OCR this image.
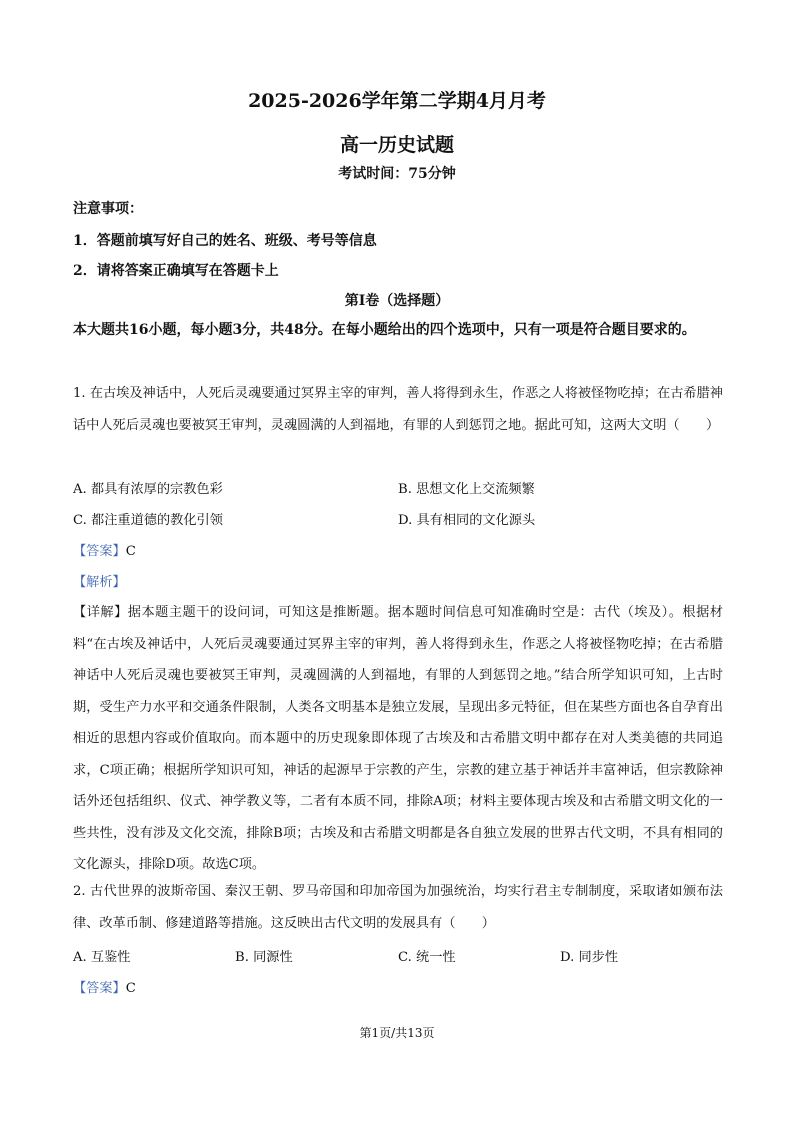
2025-2026学年第二学期4月月考
高一历史试题
考试时间：75分钟
注意事项：
1．答题前填写好自己的姓名、班级、考号等信息
2．请将答案正确填写在答题卡上
第I卷（选择题）
本大题共16小题，每小题3分，共48分。在每小题给出的四个选项中，只有一项是符合题目要求的。
1. 在古埃及神话中，人死后灵魂要通过冥界主宰的审判，善人将得到永生，作恶之人将被怪物吃掉；在古希腊神话中人死后灵魂也要被冥王审判，灵魂圆满的人到福地，有罪的人到惩罚之地。据此可知，这两大文明（　　）
A. 都具有浓厚的宗教色彩	B. 思想文化上交流频繁
C. 都注重道德的教化引领	D. 具有相同的文化源头
【答案】C
【解析】
【详解】据本题主题干的设问词，可知这是推断题。据本题时间信息可知准确时空是：古代（埃及）。根据材料“在古埃及神话中，人死后灵魂要通过冥界主宰的审判，善人将得到永生，作恶之人将被怪物吃掉；在古希腊神话中人死后灵魂也要被冥王审判，灵魂圆满的人到福地，有罪的人到惩罚之地。”结合所学知识可知，上古时期，受生产力水平和交通条件限制，人类各文明基本是独立发展，呈现出多元特征，但在某些方面也各自孕育出相近的思想内容或价值取向。而本题中的历史现象即体现了古埃及和古希腊文明中都存在对人类美德的共同追求，C项正确；根据所学知识可知，神话的起源早于宗教的产生，宗教的建立基于神话并丰富神话，但宗教除神话外还包括组织、仪式、神学教义等，二者有本质不同，排除A项；材料主要体现古埃及和古希腊文明文化的一些共性，没有涉及文化交流，排除B项；古埃及和古希腊文明都是各自独立发展的世界古代文明，不具有相同的文化源头，排除D项。故选C项。
2. 古代世界的波斯帝国、秦汉王朝、罗马帝国和印加帝国为加强统治，均实行君主专制制度，采取诸如颁布法律、改革币制、修建道路等措施。这反映出古代文明的发展具有（　　）
A. 互鉴性	B. 同源性	C. 统一性	D. 同步性
【答案】C
第1页/共13页
